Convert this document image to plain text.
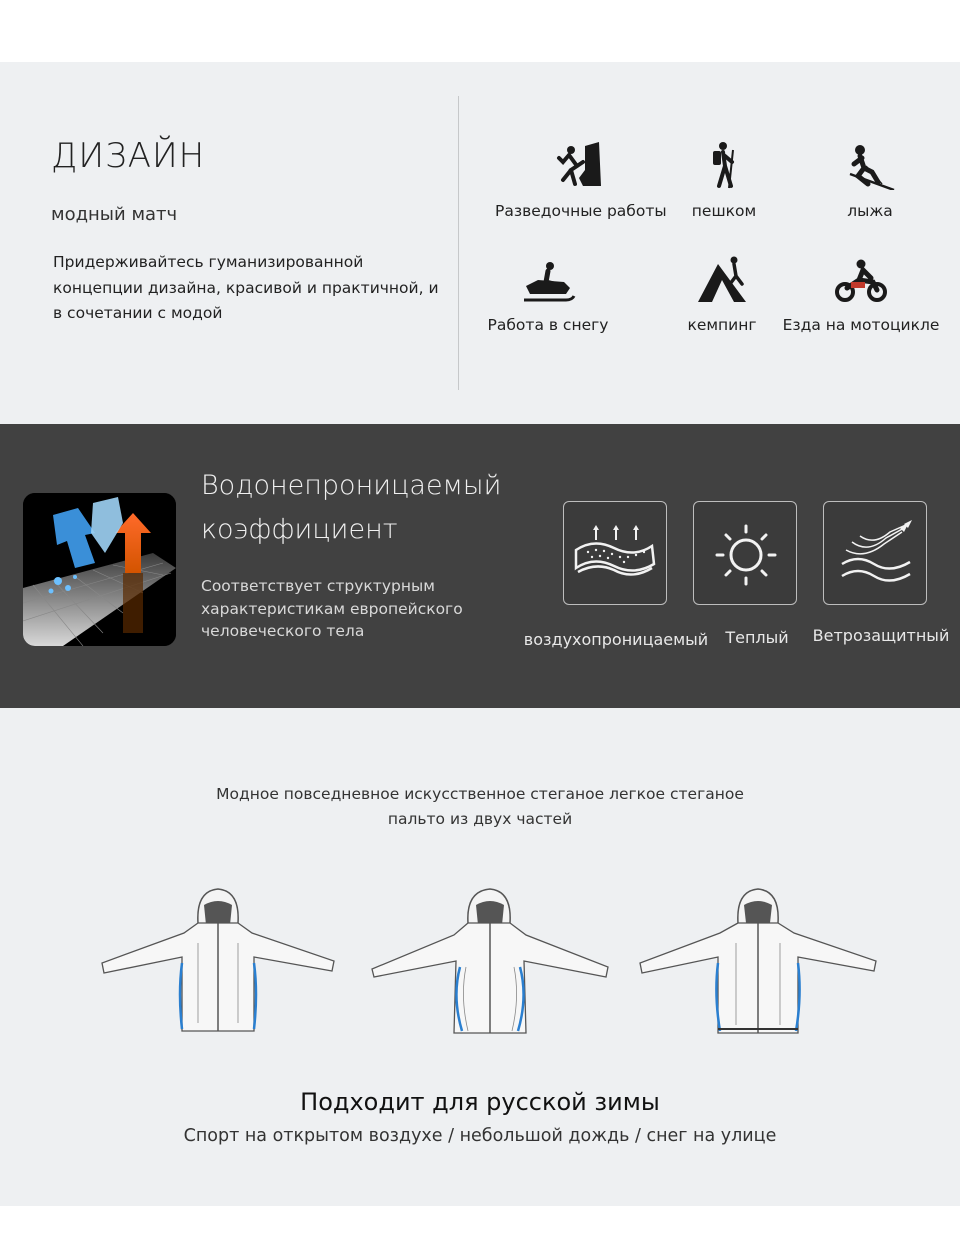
ДИЗАЙН
модный матч
Придерживайтесь гуманизированной концепции дизайна, красивой и практичной, и в сочетании с модой
Разведочные работы	пешком	лыжа
Работа в снегу	кемпинг	Езда на мотоцикле
Водонепроницаемый коэффициент
Соответствует структурным характеристикам европейского человеческого тела	воздухопроницаемый	Теплый	Ветрозащитный
Модное повседневное искусственное стеганое легкое стеганое пальто из двух частей
Подходит для русской зимы
Спорт на открытом воздухе / небольшой дождь / снег на улице
